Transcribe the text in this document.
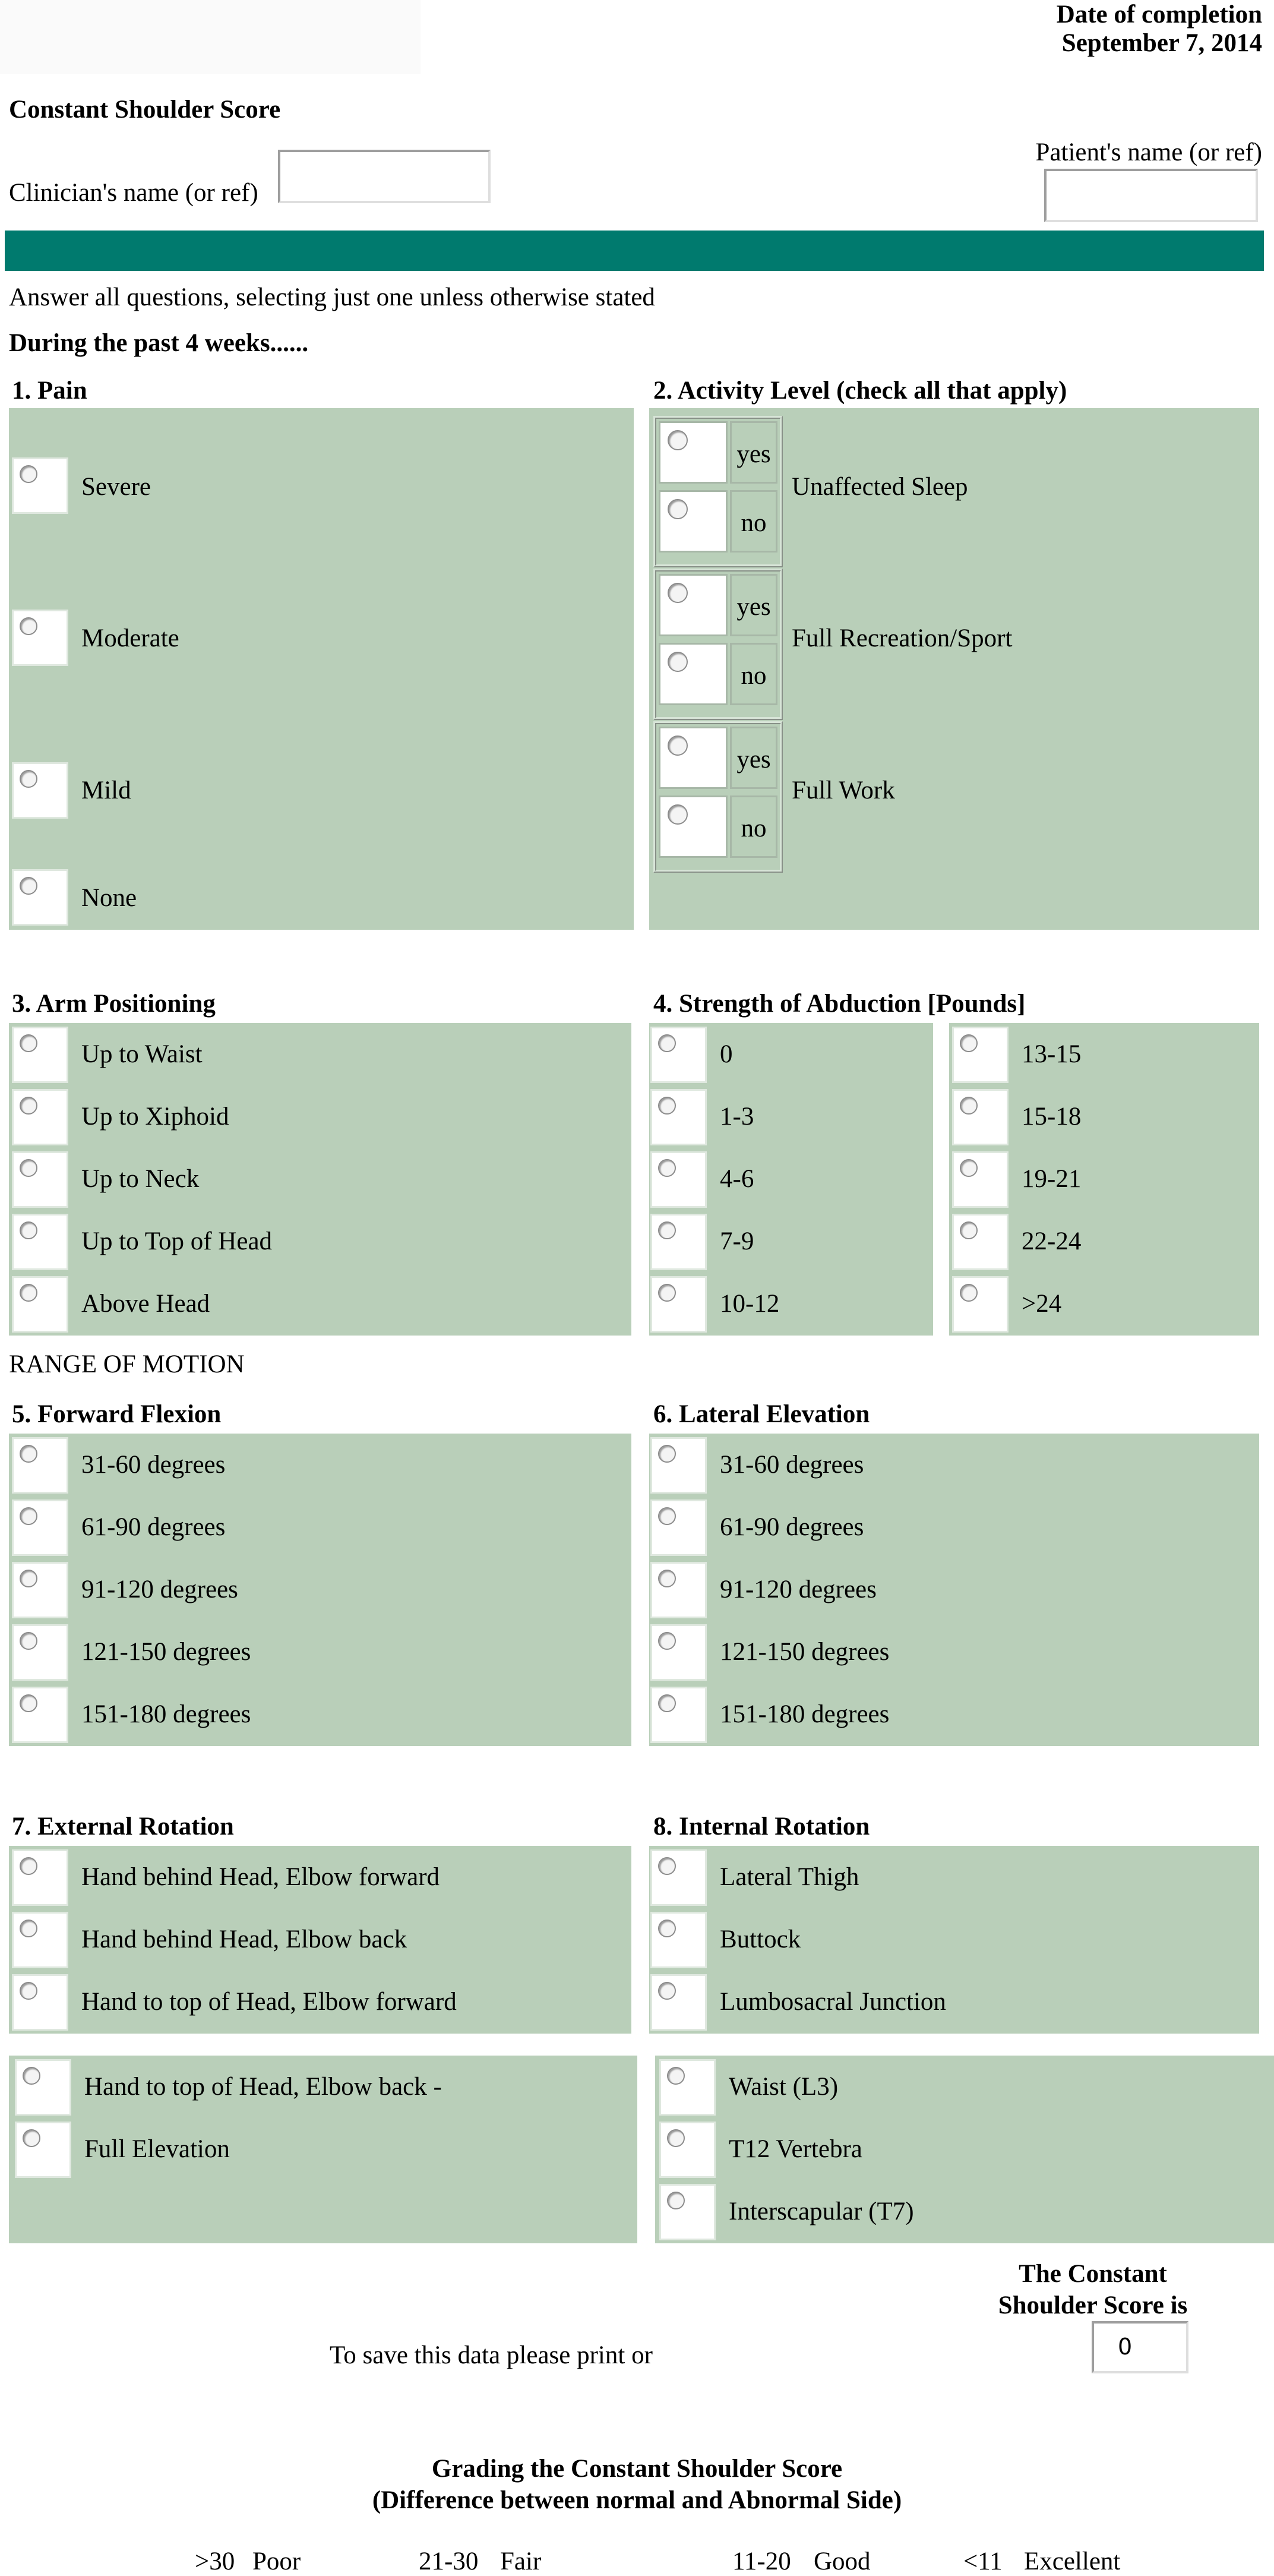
Date of completion
September 7, 2014
Constant Shoulder Score
Clinician's name (or ref)
Patient's name (or ref)
Answer all questions, selecting just one unless otherwise stated
During the past 4 weeks......
1. Pain
Severe
Moderate
Mild
None
2. Activity Level (check all that apply)
yes
no
Unaffected Sleep
yes
no
Full Recreation/Sport
yes
no
Full Work
3. Arm Positioning
Up to Waist
Up to Xiphoid
Up to Neck
Up to Top of Head
Above Head
4. Strength of Abduction [Pounds]
0
1-3
4-6
7-9
10-12
13-15
15-18
19-21
22-24
>24
RANGE OF MOTION
5. Forward Flexion
31-60 degrees
61-90 degrees
91-120 degrees
121-150 degrees
151-180 degrees
6. Lateral Elevation
31-60 degrees
61-90 degrees
91-120 degrees
121-150 degrees
151-180 degrees
7. External Rotation
Hand behind Head, Elbow forward
Hand behind Head, Elbow back
Hand to top of Head, Elbow forward
Hand to top of Head, Elbow back -
Full Elevation
8. Internal Rotation
Lateral Thigh
Buttock
Lumbosacral Junction
Waist (L3)
T12 Vertebra
Interscapular (T7)
The Constant
Shoulder Score is
0
To save this data please print or
Grading the Constant Shoulder Score
(Difference between normal and Abnormal Side)
>30 Poor	21-30 Fair	11-20 Good	<11 Excellent
